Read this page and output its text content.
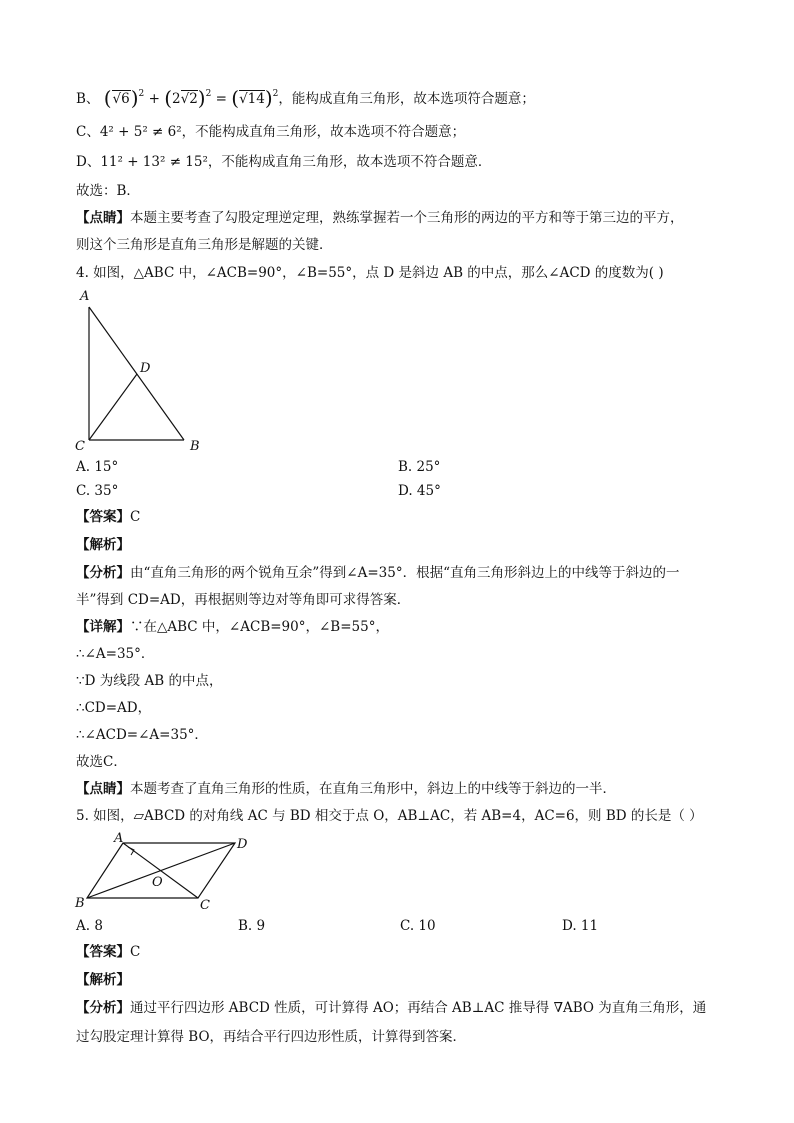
B、 $(√6)^2 + (2√2)^2 = (√14)^2$，能构成直角三角形，故本选项符合题意；
C、4² + 5² ≠ 6²，不能构成直角三角形，故本选项不符合题意；
D、11² + 13² ≠ 15²，不能构成直角三角形，故本选项不符合题意．
故选：B．
【点睛】本题主要考查了勾股定理逆定理，熟练掌握若一个三角形的两边的平方和等于第三边的平方，
则这个三角形是直角三角形是解题的关键．
4. 如图，△ABC 中，∠ACB=90°，∠B=55°，点 D 是斜边 AB 的中点，那么∠ACD 的度数为( )
A
D
C	B
A. 15°	B. 25°
C. 35°	D. 45°
【答案】C
【解析】
【分析】由“直角三角形的两个锐角互余”得到∠A=35°．根据“直角三角形斜边上的中线等于斜边的一
半”得到 CD=AD，再根据则等边对等角即可求得答案．
【详解】∵在△ABC 中，∠ACB=90°，∠B=55°，
∴∠A=35°．
∵D 为线段 AB 的中点，
∴CD=AD，
∴∠ACD=∠A=35°．
故选C．
【点睛】本题考查了直角三角形的性质，在直角三角形中，斜边上的中线等于斜边的一半．
5. 如图，▱ABCD 的对角线 AC 与 BD 相交于点 O，AB⊥AC，若 AB=4，AC=6，则 BD 的长是（ ）
A	D
B	C
O
A. 8	B. 9	C. 10	D. 11
【答案】C
【解析】
【分析】通过平行四边形 ABCD 性质，可计算得 AO；再结合 AB⊥AC 推导得 ∇ABO 为直角三角形，通
过勾股定理计算得 BO，再结合平行四边形性质，计算得到答案．
